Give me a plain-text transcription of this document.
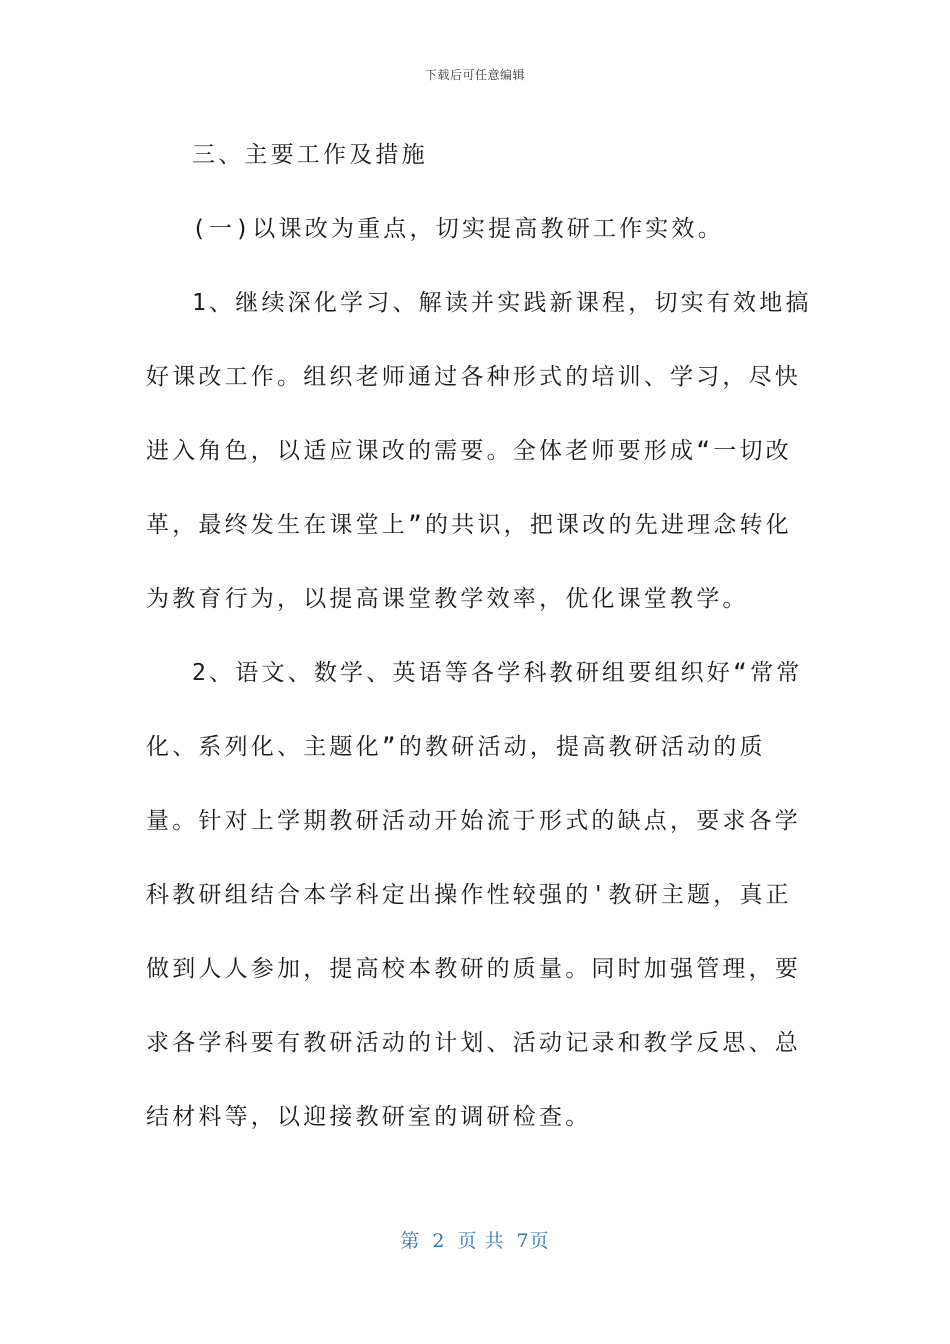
下载后可任意编辑

三、主要工作及措施

(一)以课改为重点，切实提高教研工作实效。

1、继续深化学习、解读并实践新课程，切实有效地搞好课改工作。组织老师通过各种形式的培训、学习，尽快进入角色，以适应课改的需要。全体老师要形成“一切改革，最终发生在课堂上”的共识，把课改的先进理念转化为教育行为，以提高课堂教学效率，优化课堂教学。

2、语文、数学、英语等各学科教研组要组织好“常常化、系列化、主题化”的教研活动，提高教研活动的质量。针对上学期教研活动开始流于形式的缺点，要求各学科教研组结合本学科定出操作性较强的'教研主题，真正做到人人参加，提高校本教研的质量。同时加强管理，要求各学科要有教研活动的计划、活动记录和教学反思、总结材料等，以迎接教研室的调研检查。

第 2 页 共 7页
